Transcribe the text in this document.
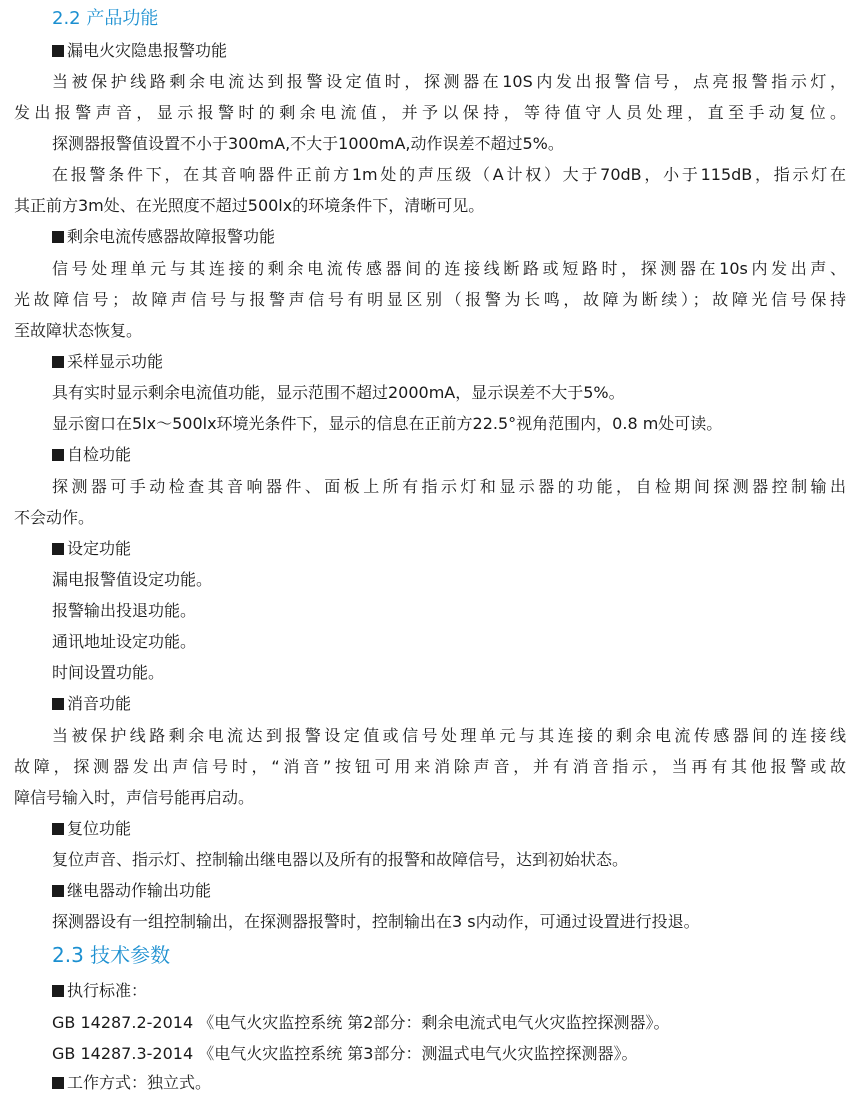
2.2 产品功能
漏电火灾隐患报警功能
当被保护线路剩余电流达到报警设定值时，探测器在10S内发出报警信号，点亮报警指示灯，
发出报警声音，显示报警时的剩余电流值，并予以保持，等待值守人员处理，直至手动复位。
探测器报警值设置不小于300mA,不大于1000mA,动作误差不超过5%。
在报警条件下，在其音响器件正前方1m处的声压级（A计权）大于70dB，小于115dB，指示灯在
其正前方3m处、在光照度不超过500lx的环境条件下，清晰可见。
剩余电流传感器故障报警功能
信号处理单元与其连接的剩余电流传感器间的连接线断路或短路时，探测器在10s内发出声、
光故障信号；故障声信号与报警声信号有明显区别（报警为长鸣，故障为断续）；故障光信号保持
至故障状态恢复。
采样显示功能
具有实时显示剩余电流值功能，显示范围不超过2000mA，显示误差不大于5%。
显示窗口在5lx～500lx环境光条件下，显示的信息在正前方22.5°视角范围内，0.8 m处可读。
自检功能
探测器可手动检查其音响器件、面板上所有指示灯和显示器的功能，自检期间探测器控制输出
不会动作。
设定功能
漏电报警值设定功能。
报警输出投退功能。
通讯地址设定功能。
时间设置功能。
消音功能
当被保护线路剩余电流达到报警设定值或信号处理单元与其连接的剩余电流传感器间的连接线
故障，探测器发出声信号时，“消音”按钮可用来消除声音，并有消音指示，当再有其他报警或故
障信号输入时，声信号能再启动。
复位功能
复位声音、指示灯、控制输出继电器以及所有的报警和故障信号，达到初始状态。
继电器动作输出功能
探测器设有一组控制输出，在探测器报警时，控制输出在3 s内动作，可通过设置进行投退。
2.3 技术参数
执行标准：
GB 14287.2-2014 《电气火灾监控系统 第2部分：剩余电流式电气火灾监控探测器》。
GB 14287.3-2014 《电气火灾监控系统 第3部分：测温式电气火灾监控探测器》。
工作方式：独立式。
